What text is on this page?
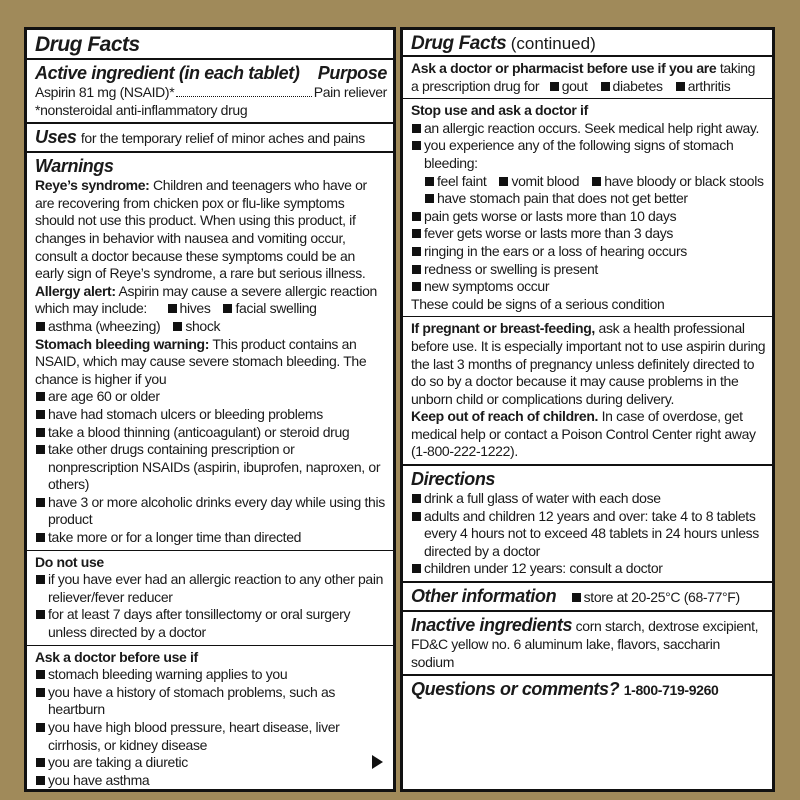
Drug Facts
Active ingredient (in each tablet) Purpose
Aspirin 81 mg (NSAID)*	Pain reliever
*nonsteroidal anti-inflammatory drug
Uses for the temporary relief of minor aches and pains
Warnings
Reye’s syndrome: Children and teenagers who have or are recovering from chicken pox or flu-like symptoms should not use this product. When using this product, if changes in behavior with nausea and vomiting occur, consult a doctor because these symptoms could be an early sign of Reye’s syndrome, a rare but serious illness.
Allergy alert: Aspirin may cause a severe allergic reaction which may include: hives facial swelling
asthma (wheezing) shock
Stomach bleeding warning: This product contains an NSAID, which may cause severe stomach bleeding. The chance is higher if you
are age 60 or older
have had stomach ulcers or bleeding problems
take a blood thinning (anticoagulant) or steroid drug
take other drugs containing prescription or nonprescription NSAIDs (aspirin, ibuprofen, naproxen, or others)
have 3 or more alcoholic drinks every day while using this product
take more or for a longer time than directed
Do not use
if you have ever had an allergic reaction to any other pain reliever/fever reducer
for at least 7 days after tonsillectomy or oral surgery unless directed by a doctor
Ask a doctor before use if
stomach bleeding warning applies to you
you have a history of stomach problems, such as heartburn
you have high blood pressure, heart disease, liver cirrhosis, or kidney disease
you are taking a diuretic
you have asthma
Drug Facts (continued)
Ask a doctor or pharmacist before use if you are taking a prescription drug for gout diabetes arthritis
Stop use and ask a doctor if
an allergic reaction occurs. Seek medical help right away.
you experience any of the following signs of stomach bleeding:
feel faint vomit blood have bloody or black stools
have stomach pain that does not get better
pain gets worse or lasts more than 10 days
fever gets worse or lasts more than 3 days
ringing in the ears or a loss of hearing occurs
redness or swelling is present
new symptoms occur
These could be signs of a serious condition
If pregnant or breast-feeding, ask a health professional before use. It is especially important not to use aspirin during the last 3 months of pregnancy unless definitely directed to do so by a doctor because it may cause problems in the unborn child or complications during delivery.
Keep out of reach of children. In case of overdose, get medical help or contact a Poison Control Center right away (1-800-222-1222).
Directions
drink a full glass of water with each dose
adults and children 12 years and over: take 4 to 8 tablets every 4 hours not to exceed 48 tablets in 24 hours unless directed by a doctor
children under 12 years: consult a doctor
Other information store at 20-25°C (68-77°F)
Inactive ingredients corn starch, dextrose excipient, FD&C yellow no. 6 aluminum lake, flavors, saccharin sodium
Questions or comments? 1-800-719-9260
